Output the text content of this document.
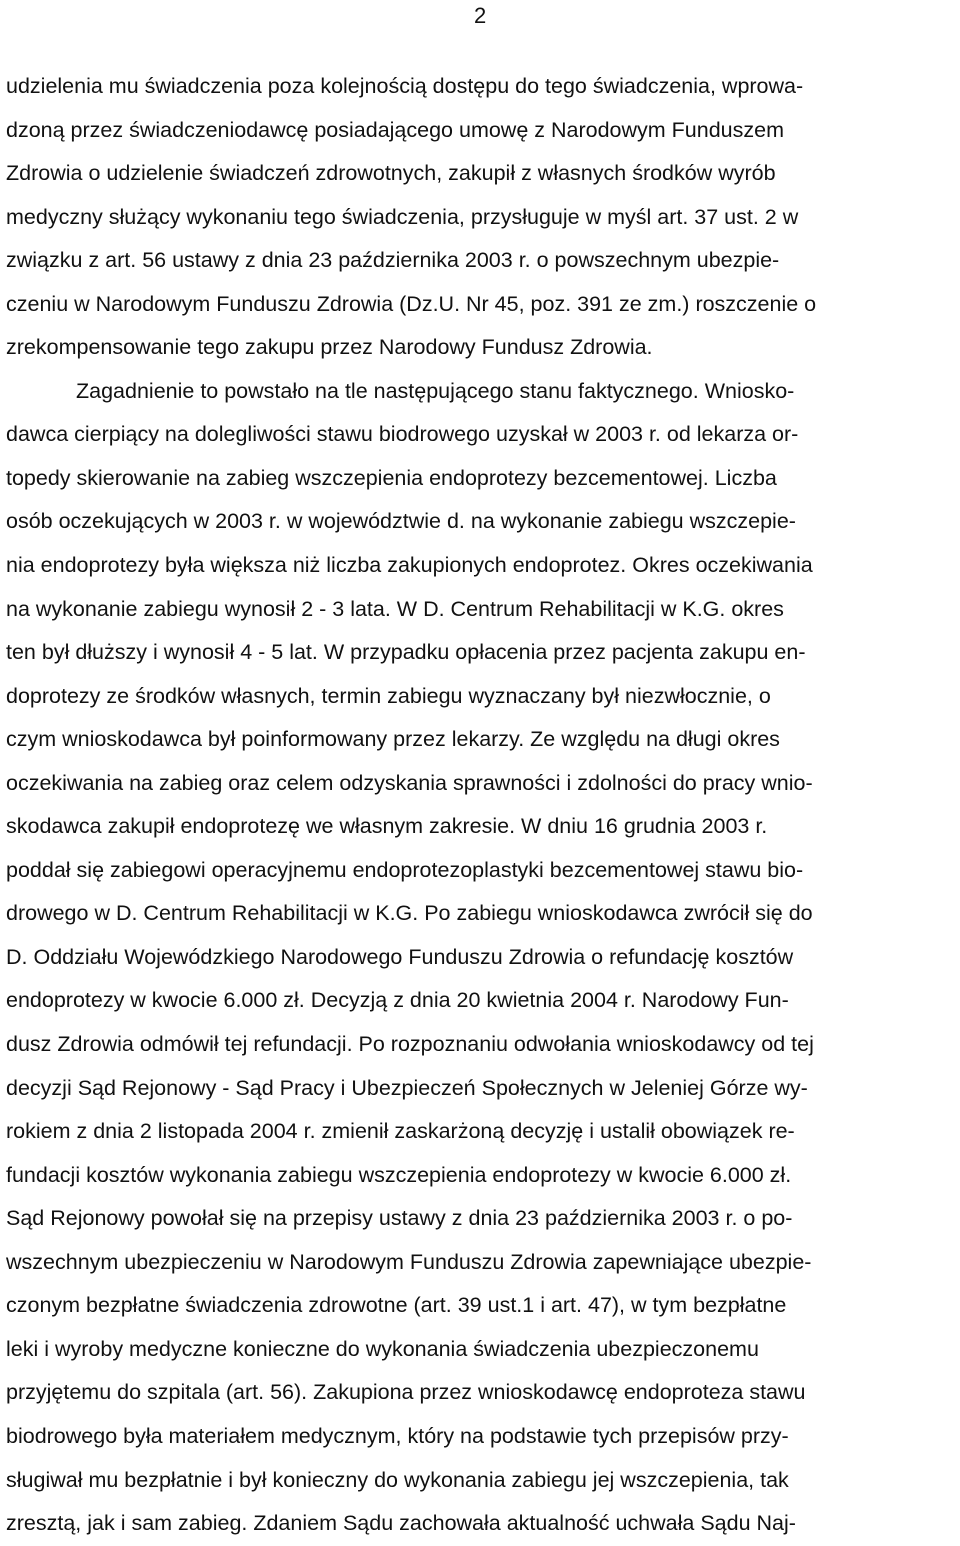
2
udzielenia mu świadczenia poza kolejnością dostępu do tego świadczenia, wprowa-
dzoną przez świadczeniodawcę posiadającego umowę z Narodowym Funduszem
Zdrowia o udzielenie świadczeń zdrowotnych, zakupił z własnych środków wyrób
medyczny służący wykonaniu tego świadczenia, przysługuje w myśl art. 37 ust. 2 w
związku z art. 56 ustawy z dnia 23 października 2003 r. o powszechnym ubezpie-
czeniu w Narodowym Funduszu Zdrowia (Dz.U. Nr 45, poz. 391 ze zm.) roszczenie o
zrekompensowanie tego zakupu przez Narodowy Fundusz Zdrowia.
Zagadnienie to powstało na tle następującego stanu faktycznego. Wniosko-
dawca cierpiący na dolegliwości stawu biodrowego uzyskał w 2003 r. od lekarza or-
topedy skierowanie na zabieg wszczepienia endoprotezy bezcementowej. Liczba
osób oczekujących w 2003 r. w województwie d. na wykonanie zabiegu wszczepie-
nia endoprotezy była większa niż liczba zakupionych endoprotez. Okres oczekiwania
na wykonanie zabiegu wynosił 2 - 3 lata. W D. Centrum Rehabilitacji w K.G. okres
ten był dłuższy i wynosił 4 - 5 lat. W przypadku opłacenia przez pacjenta zakupu en-
doprotezy ze środków własnych, termin zabiegu wyznaczany był niezwłocznie, o
czym wnioskodawca był poinformowany przez lekarzy. Ze względu na długi okres
oczekiwania na zabieg oraz celem odzyskania sprawności i zdolności do pracy wnio-
skodawca zakupił endoprotezę we własnym zakresie. W dniu 16 grudnia 2003 r.
poddał się zabiegowi operacyjnemu endoprotezoplastyki bezcementowej stawu bio-
drowego w D. Centrum Rehabilitacji w K.G. Po zabiegu wnioskodawca zwrócił się do
D. Oddziału Wojewódzkiego Narodowego Funduszu Zdrowia o refundację kosztów
endoprotezy w kwocie 6.000 zł. Decyzją z dnia 20 kwietnia 2004 r. Narodowy Fun-
dusz Zdrowia odmówił tej refundacji. Po rozpoznaniu odwołania wnioskodawcy od tej
decyzji Sąd Rejonowy - Sąd Pracy i Ubezpieczeń Społecznych w Jeleniej Górze wy-
rokiem z dnia 2 listopada 2004 r. zmienił zaskarżoną decyzję i ustalił obowiązek re-
fundacji kosztów wykonania zabiegu wszczepienia endoprotezy w kwocie 6.000 zł.
Sąd Rejonowy powołał się na przepisy ustawy z dnia 23 października 2003 r. o po-
wszechnym ubezpieczeniu w Narodowym Funduszu Zdrowia zapewniające ubezpie-
czonym bezpłatne świadczenia zdrowotne (art. 39 ust.1 i art. 47), w tym bezpłatne
leki i wyroby medyczne konieczne do wykonania świadczenia ubezpieczonemu
przyjętemu do szpitala (art. 56). Zakupiona przez wnioskodawcę endoproteza stawu
biodrowego była materiałem medycznym, który na podstawie tych przepisów przy-
sługiwał mu bezpłatnie i był konieczny do wykonania zabiegu jej wszczepienia, tak
zresztą, jak i sam zabieg. Zdaniem Sądu zachowała aktualność uchwała Sądu Naj-
